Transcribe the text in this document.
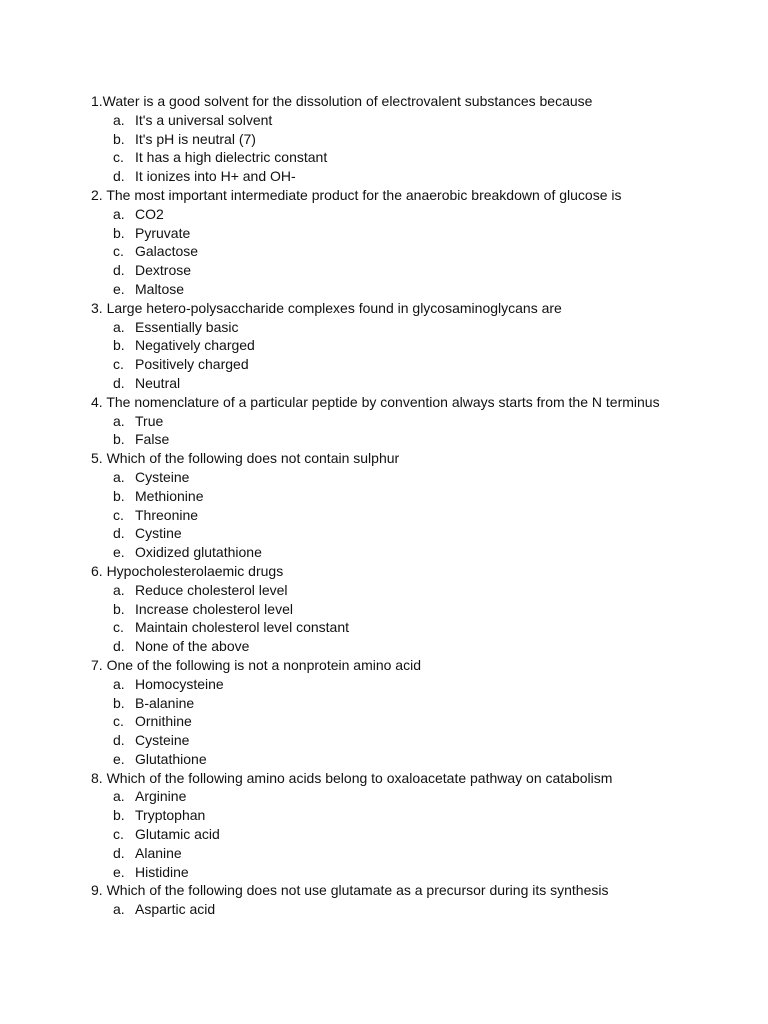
1.Water is a good solvent for the dissolution of electrovalent substances because
a. It's a universal solvent
b. It's pH is neutral (7)
c. It has a high dielectric constant
d. It ionizes into H+ and OH-
2. The most important intermediate product for the anaerobic breakdown of glucose is
a. CO2
b. Pyruvate
c. Galactose
d. Dextrose
e. Maltose
3. Large hetero-polysaccharide complexes found in glycosaminoglycans are
a. Essentially basic
b. Negatively charged
c. Positively charged
d. Neutral
4. The nomenclature of a particular peptide by convention always starts from the N terminus
a. True
b. False
5. Which of the following does not contain sulphur
a. Cysteine
b. Methionine
c. Threonine
d. Cystine
e. Oxidized glutathione
6. Hypocholesterolaemic drugs
a. Reduce cholesterol level
b. Increase cholesterol level
c. Maintain cholesterol level constant
d. None of the above
7. One of the following is not a nonprotein amino acid
a. Homocysteine
b. B-alanine
c. Ornithine
d. Cysteine
e. Glutathione
8. Which of the following amino acids belong to oxaloacetate pathway on catabolism
a. Arginine
b. Tryptophan
c. Glutamic acid
d. Alanine
e. Histidine
9. Which of the following does not use glutamate as a precursor during its synthesis
a. Aspartic acid
